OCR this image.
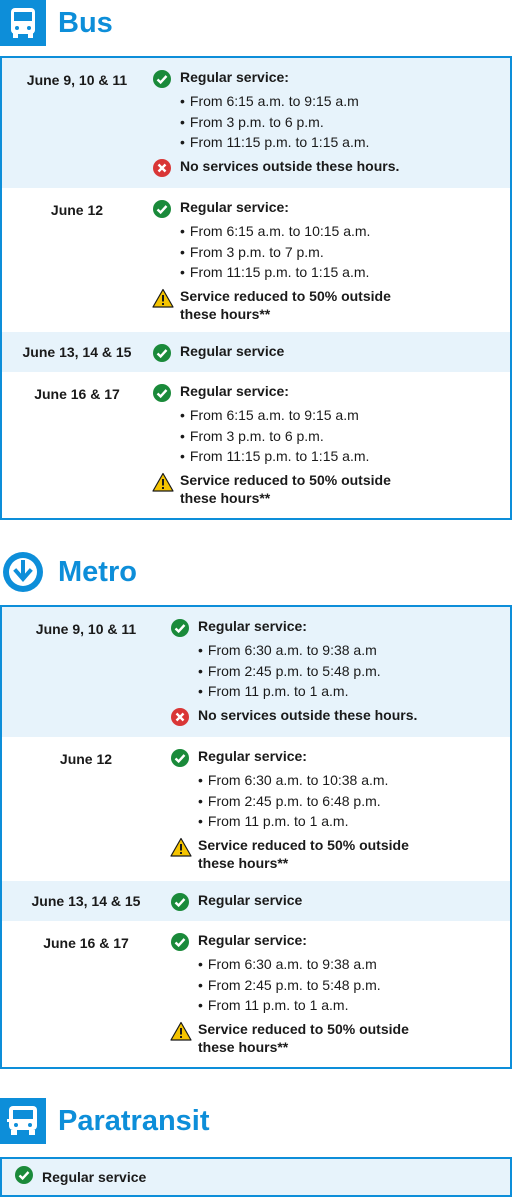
Bus
June 9, 10 & 11	Regular service:
• From 6:15 a.m. to 9:15 a.m
• From 3 p.m. to 6 p.m.
• From 11:15 p.m. to 1:15 a.m.
No services outside these hours.
June 12	Regular service:
• From 6:15 a.m. to 10:15 a.m.
• From 3 p.m. to 7 p.m.
• From 11:15 p.m. to 1:15 a.m.
Service reduced to 50% outside these hours**
June 13, 14 & 15	Regular service
June 16 & 17	Regular service:
• From 6:15 a.m. to 9:15 a.m
• From 3 p.m. to 6 p.m.
• From 11:15 p.m. to 1:15 a.m.
Service reduced to 50% outside these hours**
Metro
June 9, 10 & 11	Regular service:
• From 6:30 a.m. to 9:38 a.m
• From 2:45 p.m. to 5:48 p.m.
• From 11 p.m. to 1 a.m.
No services outside these hours.
June 12	Regular service:
• From 6:30 a.m. to 10:38 a.m.
• From 2:45 p.m. to 6:48 p.m.
• From 11 p.m. to 1 a.m.
Service reduced to 50% outside these hours**
June 13, 14 & 15	Regular service
June 16 & 17	Regular service:
• From 6:30 a.m. to 9:38 a.m
• From 2:45 p.m. to 5:48 p.m.
• From 11 p.m. to 1 a.m.
Service reduced to 50% outside these hours**
Paratransit
Regular service
